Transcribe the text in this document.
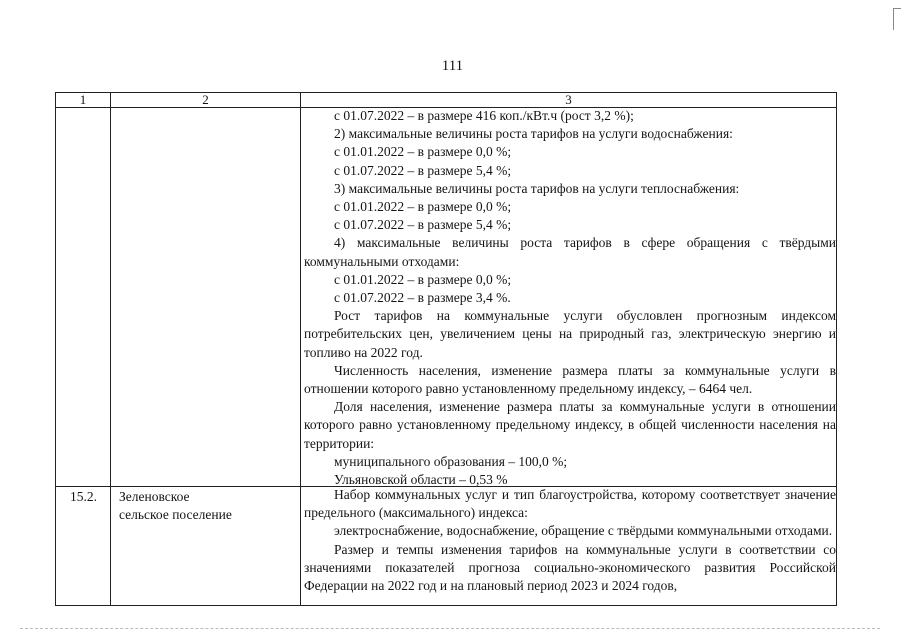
111
1	2	3
с 01.07.2022 – в размере 416 коп./кВт.ч (рост 3,2 %);
2) максимальные величины роста тарифов на услуги водоснабжения:
с 01.01.2022 – в размере 0,0 %;
с 01.07.2022 – в размере 5,4 %;
3) максимальные величины роста тарифов на услуги теплоснабжения:
с 01.01.2022 – в размере 0,0 %;
с 01.07.2022 – в размере 5,4 %;
4) максимальные величины роста тарифов в сфере обращения с твёрдыми коммунальными отходами:
с 01.01.2022 – в размере 0,0 %;
с 01.07.2022 – в размере 3,4 %.
Рост тарифов на коммунальные услуги обусловлен прогнозным индексом потребительских цен, увеличением цены на природный газ, электрическую энергию и топливо на 2022 год.
Численность населения, изменение размера платы за коммунальные услуги в отношении которого равно установленному предельному индексу, – 6464 чел.
Доля населения, изменение размера платы за коммунальные услуги в отношении которого равно установленному предельному индексу, в общей численности населения на территории:
муниципального образования – 100,0 %;
Ульяновской области – 0,53 %
15.2. Зеленовское
сельское поселение
Набор коммунальных услуг и тип благоустройства, которому соответствует значение предельного (максимального) индекса:
электроснабжение, водоснабжение, обращение с твёрдыми коммунальными отходами.
Размер и темпы изменения тарифов на коммунальные услуги в соответствии со значениями показателей прогноза социально-экономического развития Российской Федерации на 2022 год и на плановый период 2023 и 2024 годов,
